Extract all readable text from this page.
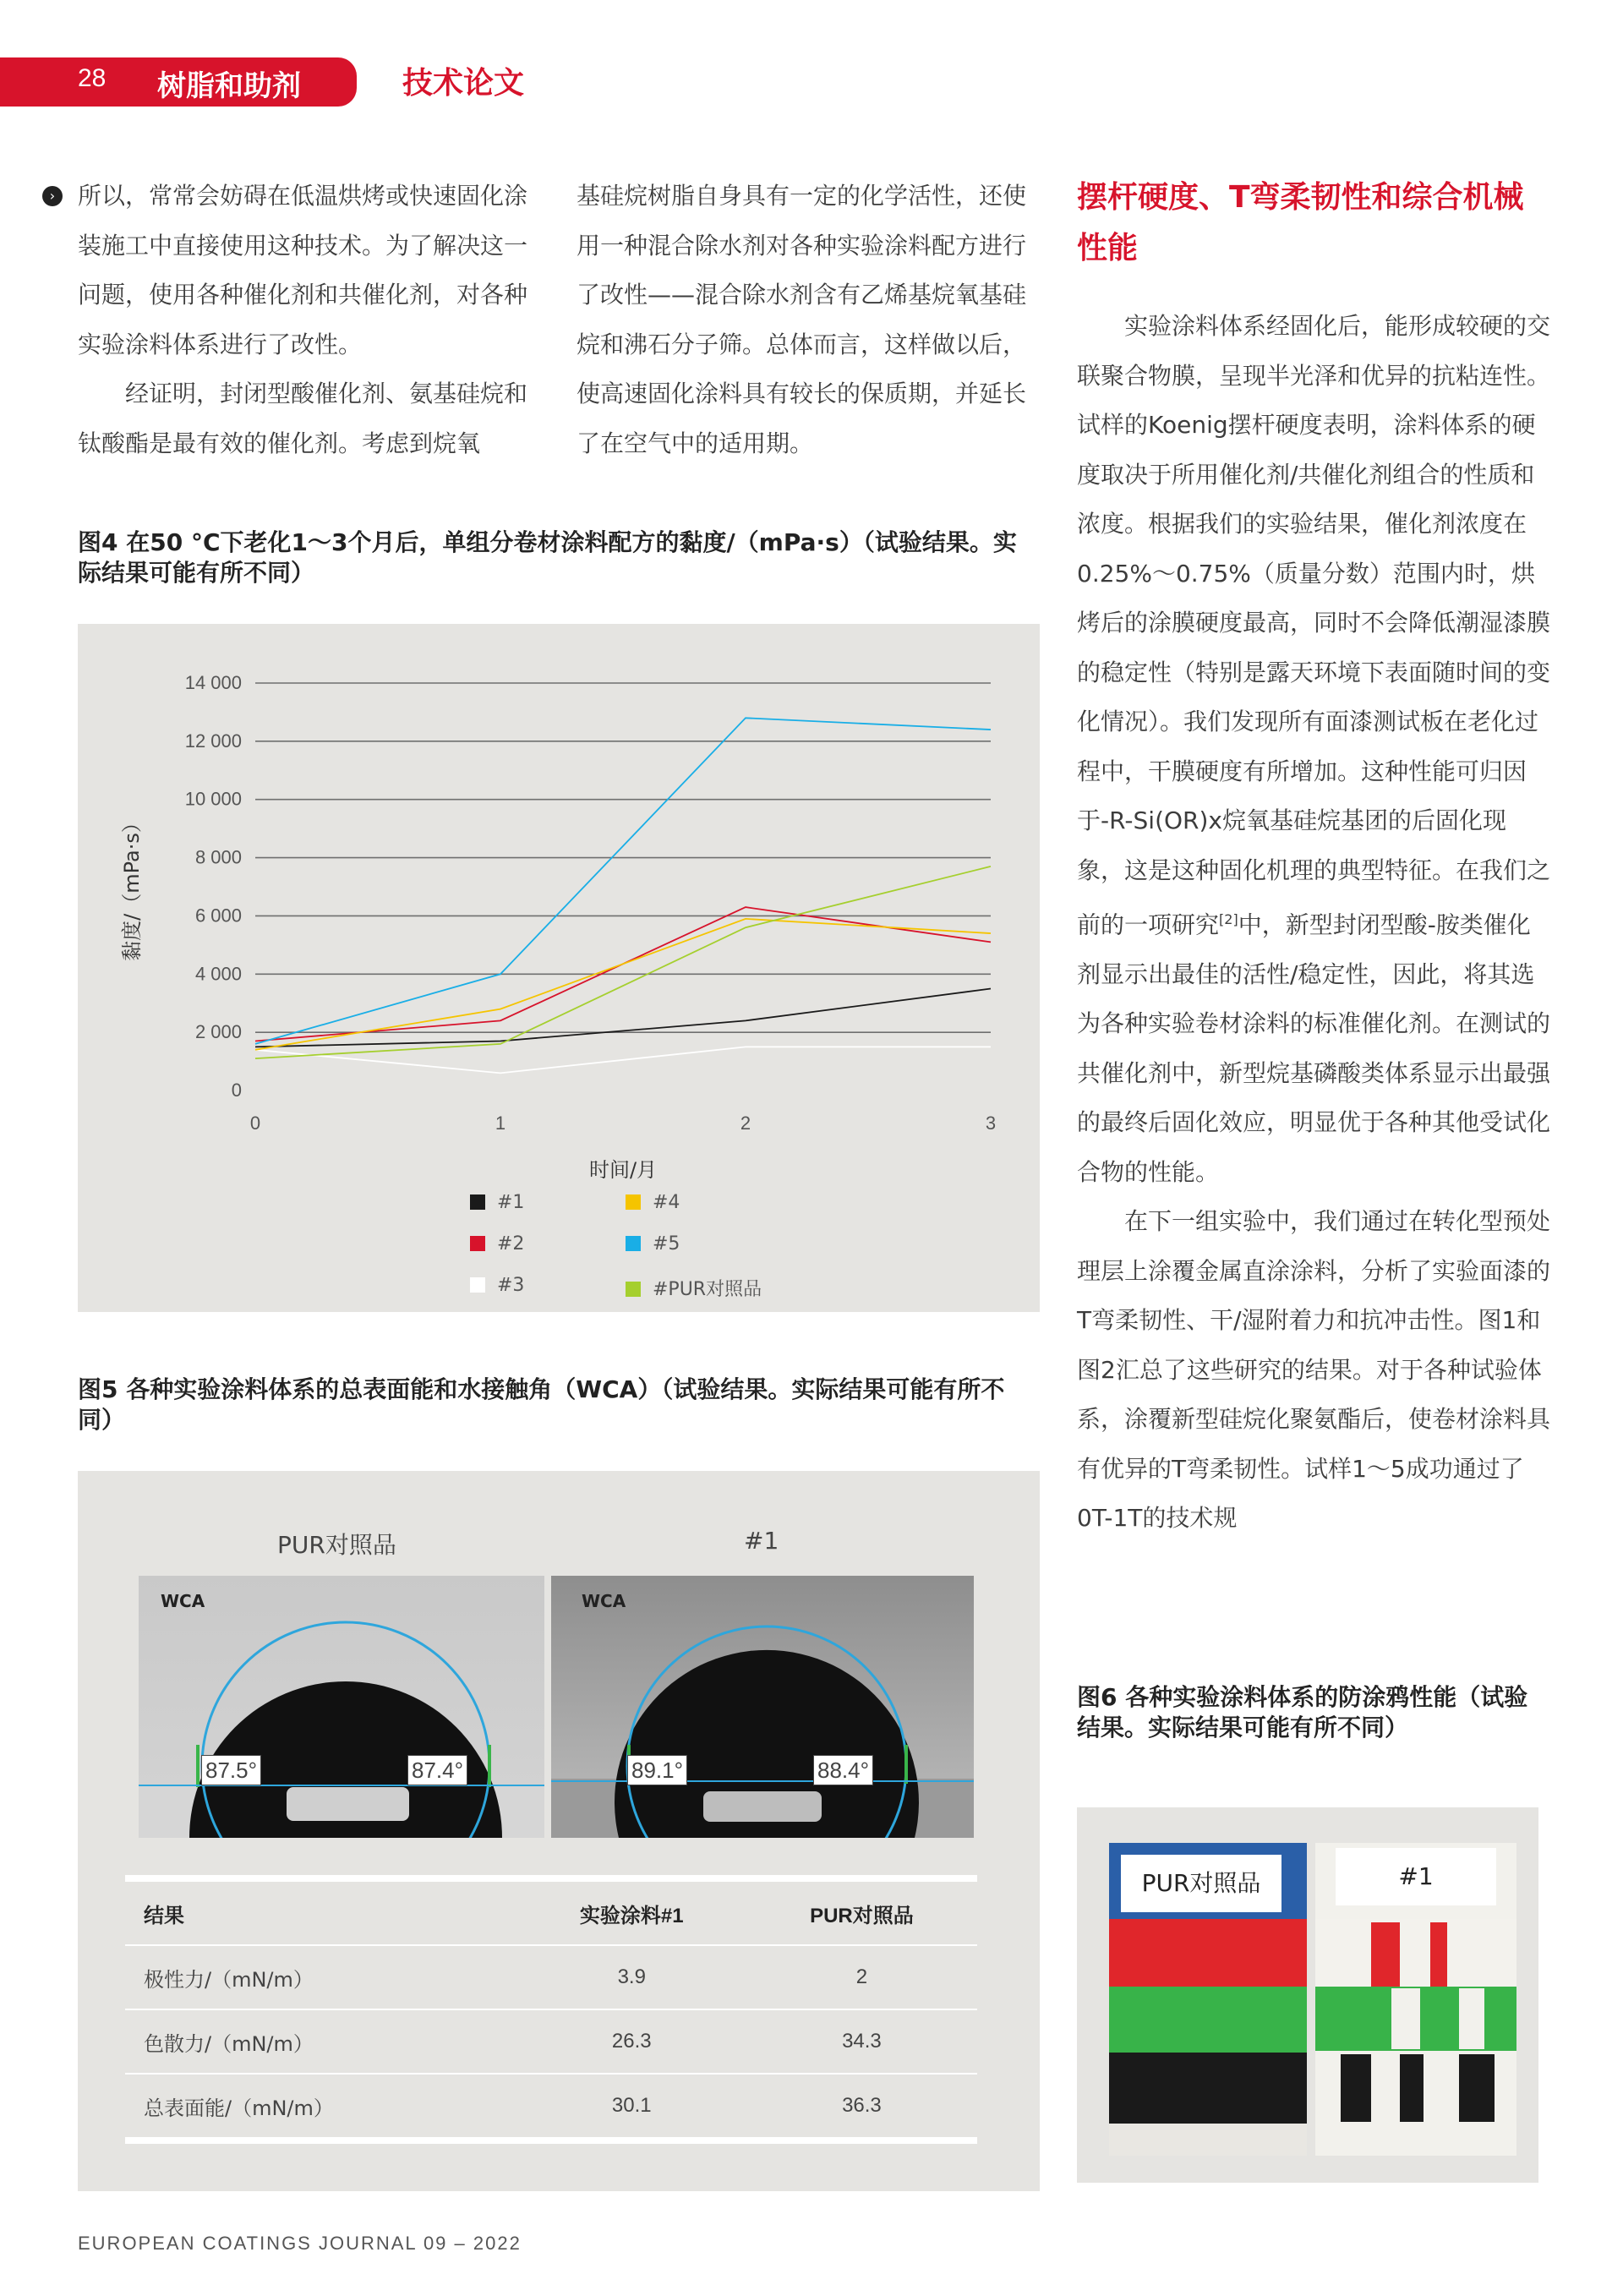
28 树脂和助剂	技术论文
› 所以，常常会妨碍在低温烘烤或快速固化涂装施工中直接使用这种技术。为了解决这一问题，使用各种催化剂和共催化剂，对各种实验涂料体系进行了改性。

经证明，封闭型酸催化剂、氨基硅烷和钛酸酯是最有效的催化剂。考虑到烷氧

基硅烷树脂自身具有一定的化学活性，还使用一种混合除水剂对各种实验涂料配方进行了改性——混合除水剂含有乙烯基烷氧基硅烷和沸石分子筛。总体而言，这样做以后，使高速固化涂料具有较长的保质期，并延长了在空气中的适用期。

摆杆硬度、T弯柔韧性和综合机械性能

实验涂料体系经固化后，能形成较硬的交联聚合物膜，呈现半光泽和优异的抗粘连性。试样的Koenig摆杆硬度表明，涂料体系的硬度取决于所用催化剂/共催化剂组合的性质和浓度。根据我们的实验结果，催化剂浓度在0.25%～0.75%（质量分数）范围内时，烘烤后的涂膜硬度最高，同时不会降低潮湿漆膜的稳定性（特别是露天环境下表面随时间的变化情况）。我们发现所有面漆测试板在老化过程中，干膜硬度有所增加。这种性能可归因于-R-Si(OR)x烷氧基硅烷基团的后固化现象，这是这种固化机理的典型特征。在我们之前的一项研究[2]中，新型封闭型酸-胺类催化剂显示出最佳的活性/稳定性，因此，将其选为各种实验卷材涂料的标准催化剂。在测试的共催化剂中，新型烷基磷酸类体系显示出最强的最终后固化效应，明显优于各种其他受试化合物的性能。

在下一组实验中，我们通过在转化型预处理层上涂覆金属直涂涂料，分析了实验面漆的T弯柔韧性、干/湿附着力和抗冲击性。图1和图2汇总了这些研究的结果。对于各种试验体系，涂覆新型硅烷化聚氨酯后，使卷材涂料具有优异的T弯柔韧性。试样1～5成功通过了0T-1T的技术规

图4 在50 °C下老化1～3个月后，单组分卷材涂料配方的黏度/（mPa·s）（试验结果。实际结果可能有所不同）

0
2 000
4 000
6 000
8 000
10 000
12 000
14 000
0	1	2	3
时间/月
黏度/（mPa·s）
#1
#2
#3
#4
#5
#PUR对照品

图5 各种实验涂料体系的总表面能和水接触角（WCA）（试验结果。实际结果可能有所不同）

PUR对照品	#1
WCA
87.5°	87.4°
WCA
89.1°	88.4°
结果	实验涂料#1	PUR对照品
极性力/（mN/m）	3.9	2
色散力/（mN/m）	26.3	34.3
总表面能/（mN/m）	30.1	36.3

图6 各种实验涂料体系的防涂鸦性能（试验结果。实际结果可能有所不同）

PUR对照品	#1
EUROPEAN COATINGS JOURNAL 09 – 2022
